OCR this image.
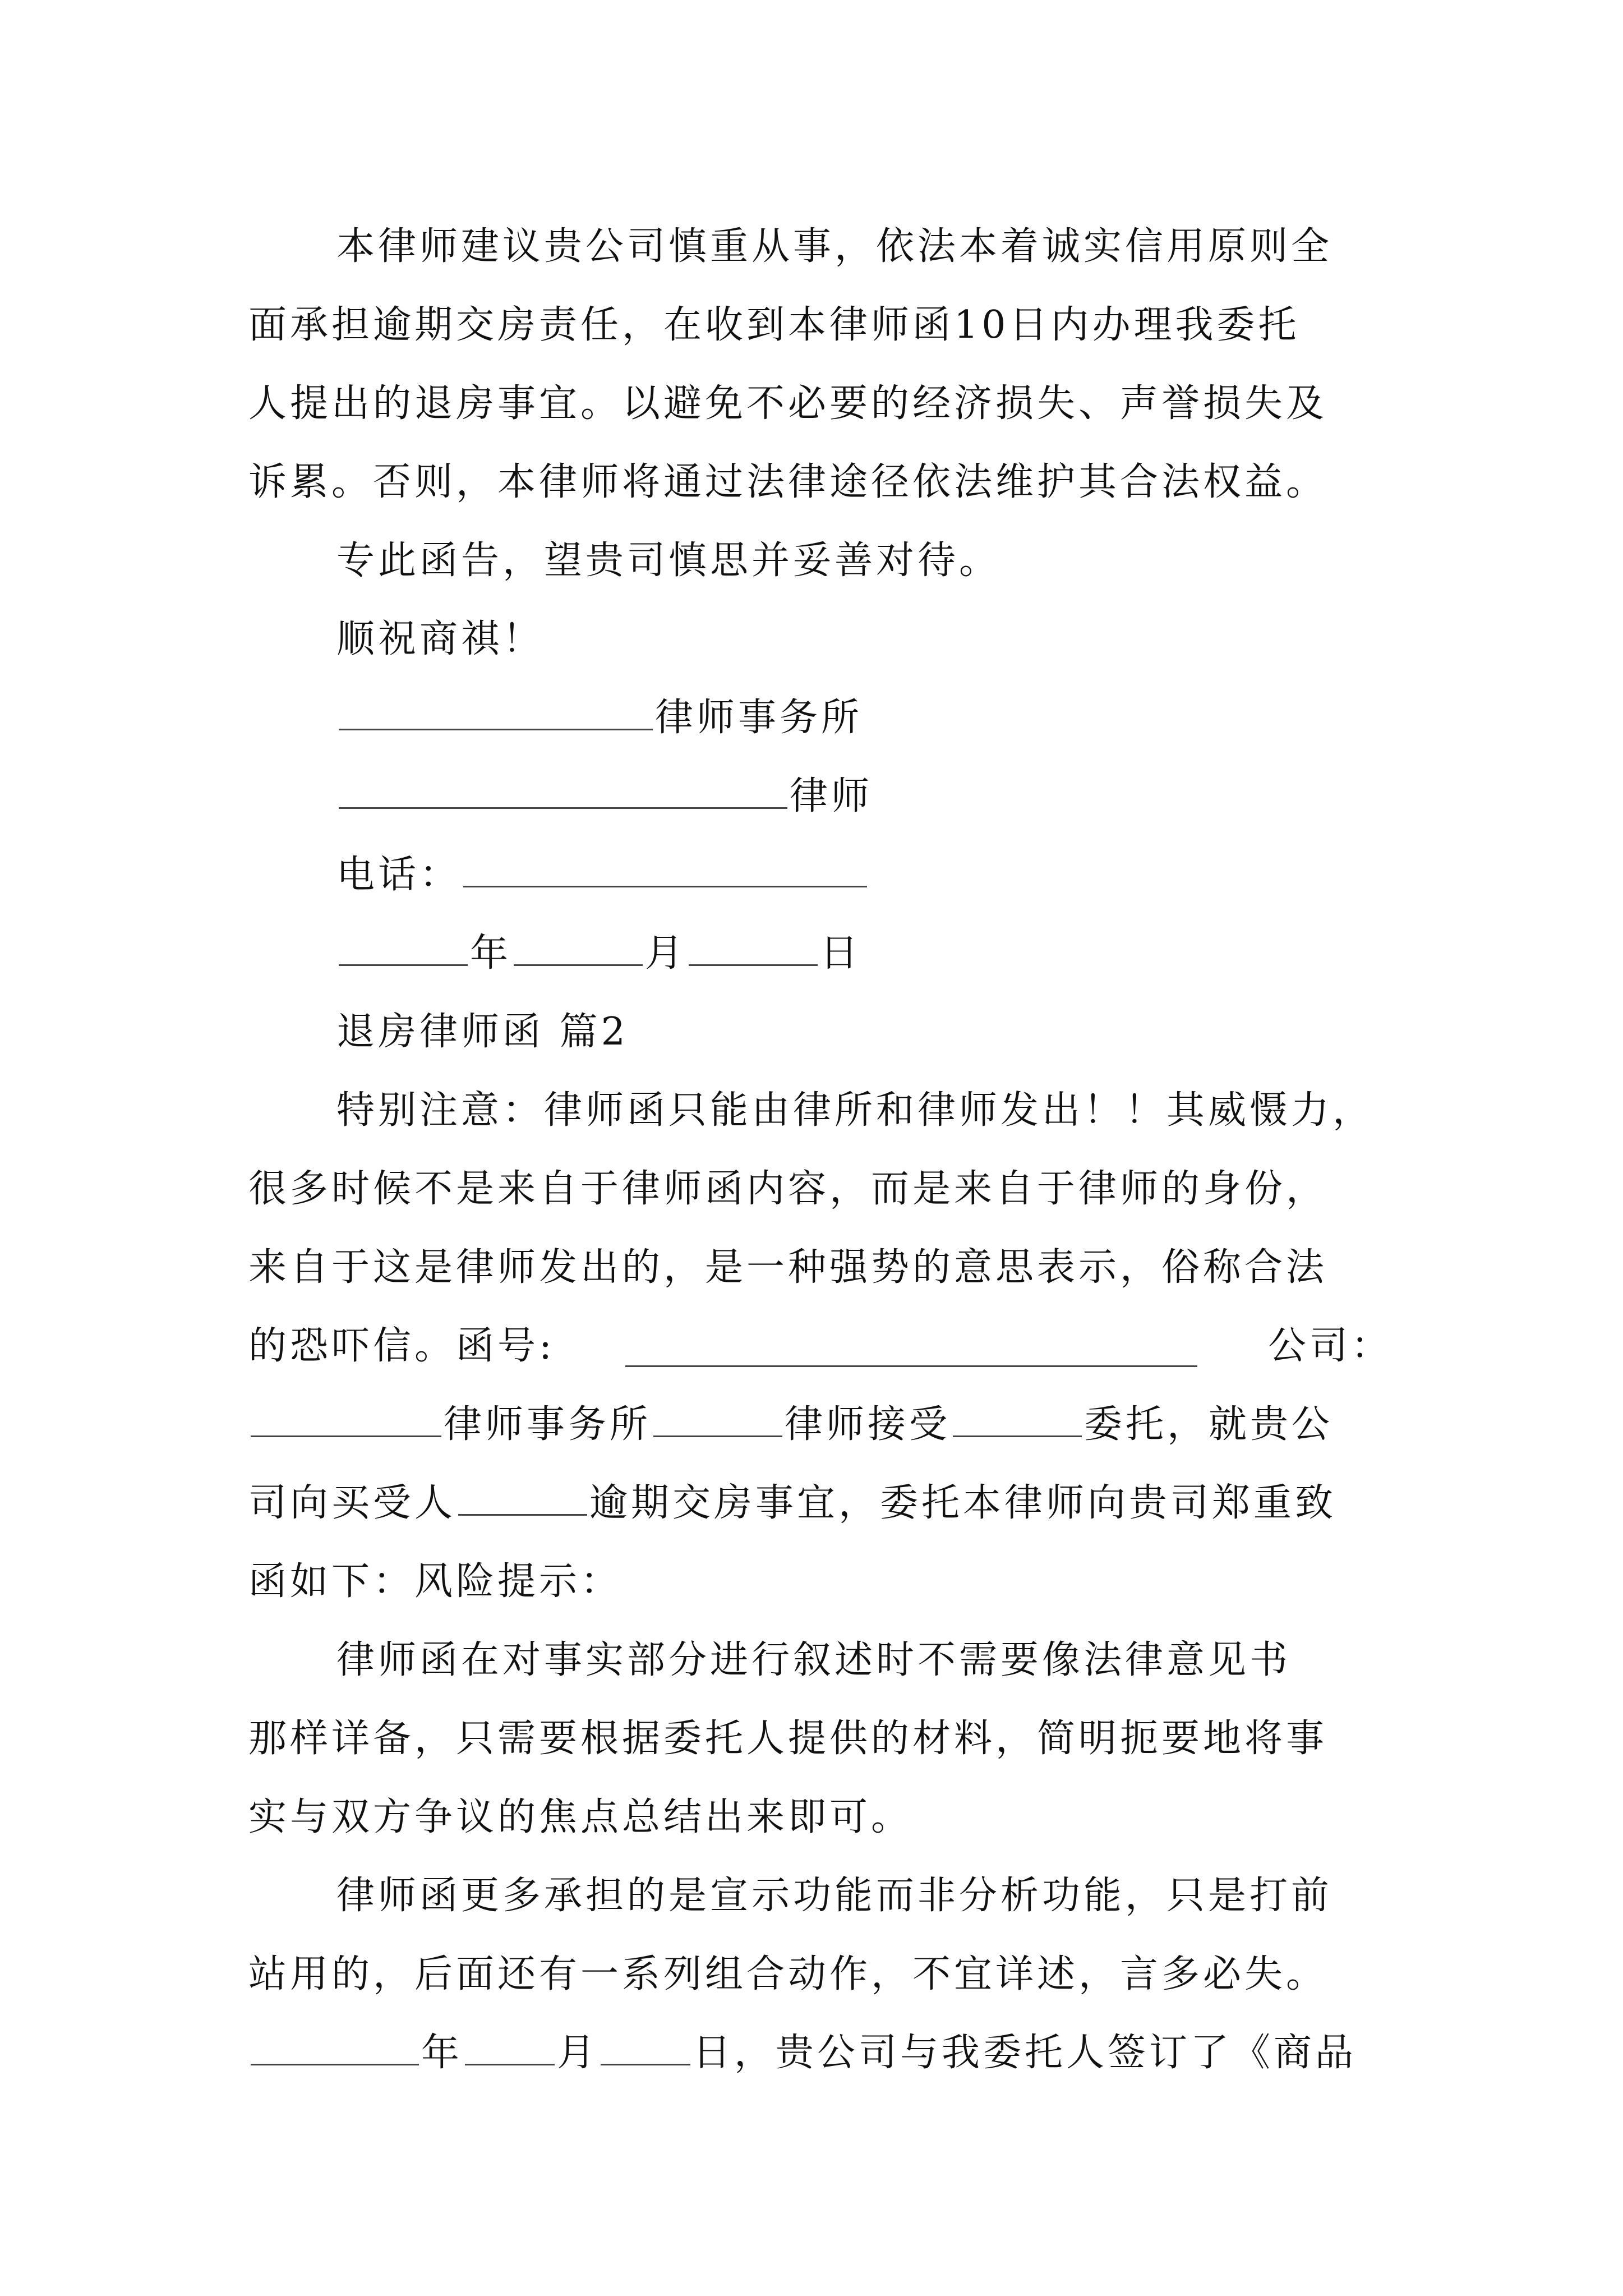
本律师建议贵公司慎重从事，依法本着诚实信用原则全
面承担逾期交房责任，在收到本律师函10日内办理我委托
人提出的退房事宜。以避免不必要的经济损失、声誉损失及
诉累。否则，本律师将通过法律途径依法维护其合法权益。
专此函告，望贵司慎思并妥善对待。
顺祝商祺！
律师事务所
律师
电话：
年	月	日
退房律师函 篇2
特别注意：律师函只能由律所和律师发出！！其威慑力，
很多时候不是来自于律师函内容，而是来自于律师的身份，
来自于这是律师发出的，是一种强势的意思表示，俗称合法
的恐吓信。函号:	公司：
律师事务所	律师接受	委托，就贵公
司向买受人	逾期交房事宜，委托本律师向贵司郑重致
函如下：风险提示：
律师函在对事实部分进行叙述时不需要像法律意见书
那样详备，只需要根据委托人提供的材料，简明扼要地将事
实与双方争议的焦点总结出来即可。
律师函更多承担的是宣示功能而非分析功能，只是打前
站用的，后面还有一系列组合动作，不宜详述，言多必失。
年 月 日，贵公司与我委托人签订了《商品
